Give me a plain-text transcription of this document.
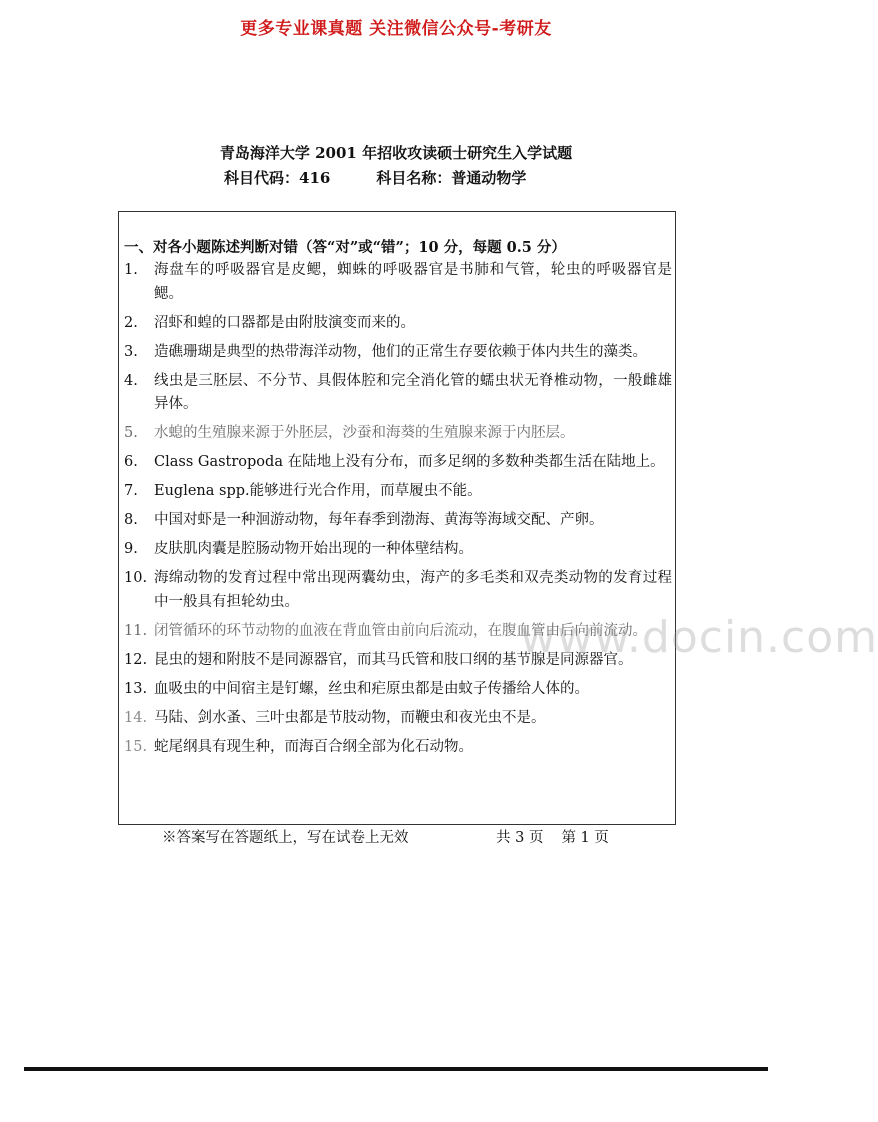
更多专业课真题 关注微信公众号-考研友
青岛海洋大学 2001 年招收攻读硕士研究生入学试题
科目代码：416	科目名称：普通动物学
一、对各小题陈述判断对错（答“对”或“错”；10 分，每题 0.5 分）
1.	海盘车的呼吸器官是皮鳃，蜘蛛的呼吸器官是书肺和气管，轮虫的呼吸器官是鳃。
2.	沼虾和蝗的口器都是由附肢演变而来的。
3.	造礁珊瑚是典型的热带海洋动物，他们的正常生存要依赖于体内共生的藻类。
4.	线虫是三胚层、不分节、具假体腔和完全消化管的蠕虫状无脊椎动物，一般雌雄异体。
5.	水螅的生殖腺来源于外胚层，沙蚕和海葵的生殖腺来源于内胚层。
6.	Class Gastropoda 在陆地上没有分布，而多足纲的多数种类都生活在陆地上。
7.	Euglena spp.能够进行光合作用，而草履虫不能。
8.	中国对虾是一种洄游动物，每年春季到渤海、黄海等海域交配、产卵。
9.	皮肤肌肉囊是腔肠动物开始出现的一种体壁结构。
10. 海绵动物的发育过程中常出现两囊幼虫，海产的多毛类和双壳类动物的发育过程中一般具有担轮幼虫。
11. 闭管循环的环节动物的血液在背血管由前向后流动，在腹血管由后向前流动。
12. 昆虫的翅和附肢不是同源器官，而其马氏管和肢口纲的基节腺是同源器官。
13. 血吸虫的中间宿主是钉螺，丝虫和疟原虫都是由蚊子传播给人体的。
14. 马陆、剑水蚤、三叶虫都是节肢动物，而鞭虫和夜光虫不是。
15. 蛇尾纲具有现生种，而海百合纲全部为化石动物。
※答案写在答题纸上，写在试卷上无效	共 3 页 第 1 页
www.docin.com
